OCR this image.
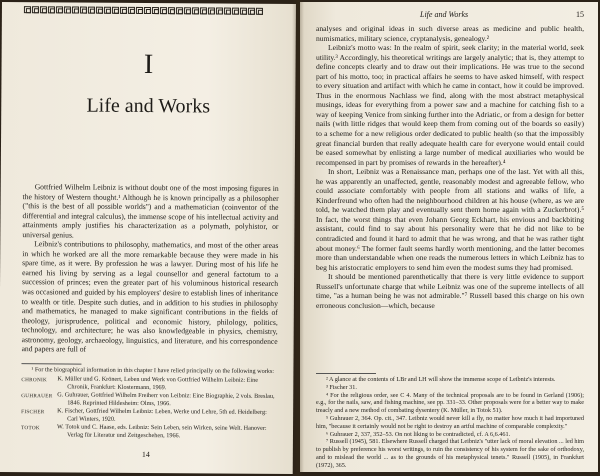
I
Life and Works

Gottfried Wilhelm Leibniz is without doubt one of the most imposing figures in the history of Western thought.¹ Although he is known principally as a philosopher ("this is the best of all possible worlds") and a mathematician (coinventor of the differential and integral calculus), the immense scope of his intellectual activity and attainments amply justifies his characterization as a polymath, polyhistor, or universal genius.

Leibniz's contributions to philosophy, mathematics, and most of the other areas in which he worked are all the more remarkable because they were made in his spare time, as it were. By profession he was a lawyer. During most of his life he earned his living by serving as a legal counsellor and general factotum to a succession of princes; even the greater part of his voluminous historical research was occasioned and guided by his employers' desire to establish lines of inheritance to wealth or title. Despite such duties, and in addition to his studies in philosophy and mathematics, he managed to make significant contributions in the fields of theology, jurisprudence, political and economic history, philology, politics, technology, and architecture; he was also knowledgeable in physics, chemistry, astronomy, geology, archaeology, linguistics, and literature, and his correspondence and papers are full of

¹ For the biographical information in this chapter I have relied principally on the following works:

CHRONIK	K. Müller und G. Krönert, Leben und Werk von Gottfried Wilhelm Leibniz: Eine Chronik, Frankfurt: Klostermann, 1969.
GUHRAUER G. Guhrauer, Gottfried Wilhelm Freiherr von Leibniz: Eine Biographie, 2 vols. Breslau, 1846. Reprinted Hildesheim: Olms, 1966.
FISCHER	K. Fischer, Gottfried Wilhelm Leibniz: Leben, Werke und Lehre, 5th ed. Heidelberg: Carl Winters, 1920.
TOTOK	W. Totok und C. Haase, eds. Leibniz: Sein Leben, sein Wirken, seine Welt. Hanover: Verlag für Literatur und Zeitgeschehen, 1966.
14
Life and Works	15

analyses and original ideas in such diverse areas as medicine and public health, numismatics, military science, cryptanalysis, genealogy.²

Leibniz's motto was: In the realm of spirit, seek clarity; in the material world, seek utility.³ Accordingly, his theoretical writings are largely analytic; that is, they attempt to define concepts clearly and to draw out their implications. He was true to the second part of his motto, too; in practical affairs he seems to have asked himself, with respect to every situation and artifact with which he came in contact, how it could be improved. Thus in the enormous Nachlass we find, along with the most abstract metaphysical musings, ideas for everything from a power saw and a machine for catching fish to a way of keeping Venice from sinking further into the Adriatic, or from a design for better nails (with little ridges that would keep them from coming out of the boards so easily) to a scheme for a new religious order dedicated to public health (so that the impossibly great financial burden that really adequate health care for everyone would entail could be eased somewhat by enlisting a large number of medical auxiliaries who would be recompensed in part by promises of rewards in the hereafter).⁴

In short, Leibniz was a Renaissance man, perhaps one of the last. Yet with all this, he was apparently an unaffected, gentle, reasonably modest and agreeable fellow, who could associate comfortably with people from all stations and walks of life, a Kinderfreund who often had the neighbourhood children at his house (where, as we are told, he watched them play and eventually sent them home again with a Zuckerbrot).⁵ In fact, the worst things that even Johann Georg Eckhart, his envious and backbiting assistant, could find to say about his personality were that he did not like to be contradicted and found it hard to admit that he was wrong, and that he was rather tight about money.⁶ The former fault seems hardly worth mentioning, and the latter becomes more than understandable when one reads the numerous letters in which Leibniz has to beg his aristocratic employers to send him even the modest sums they had promised.

It should be mentioned parenthetically that there is very little evidence to support Russell's unfortunate charge that while Leibniz was one of the supreme intellects of all time, "as a human being he was not admirable."⁷ Russell based this charge on his own erroneous conclusion—which, because

² A glance at the contents of LBr and LH will show the immense scope of Leibniz's interests.

³ Fischer 31.

⁴ For the religious order, see C 4. Many of the technical proposals are to be found in Gerland (1906); e.g., for the nails, saw, and fishing machine, see pp. 331–33. Other proposals were for a better way to make treacly and a new method of combating dysentery (K. Müller, in Totok 51).

⁵ Guhrauer 2, 364. Op. cit., 347. Leibniz would never kill a fly, no matter how much it had importuned him, "because it certainly would not be right to destroy an artful machine of comparable complexity."

⁶ Guhrauer 2, 337, 352–53. On not liking to be contradicted, cf. A 6,6.461.

⁷ Russell (1945), 581. Elsewhere Russell charged that Leibniz's "utter lack of moral elevation ... led him to publish by preference his worst writings, to ruin the consistency of his system for the sake of orthodoxy, and to mislead the world ... as to the grounds of his metaphysical tenets." Russell (1905), in Frankfurt (1972), 365.
